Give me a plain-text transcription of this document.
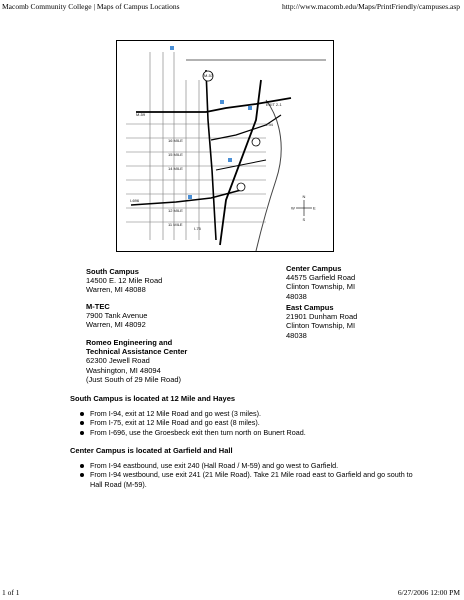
Macomb Community College | Maps of Campus Locations	http://www.macomb.edu/Maps/PrintFriendly/campuses.asp
M-53
M-59
EXIT 2-1
I-75
I-94
I-696
12 MILE
11 MILE
14 MILE
15 MILE
16 MILE
N
S
E
W
South Campus
14500 E. 12 Mile Road
Warren, MI 48088
M-TEC
7900 Tank Avenue
Warren, MI 48092
Romeo Engineering and
Technical Assistance Center
62300 Jewell Road
Washington, MI 48094
(Just South of 29 Mile Road)
Center Campus
44575 Garfield Road
Clinton Township, MI
48038
East Campus
21901 Dunham Road
Clinton Township, MI
48038
South Campus is located at 12 Mile and Hayes
From I-94, exit at 12 Mile Road and go west (3 miles).
From I-75, exit at 12 Mile Road and go east (8 miles).
From I-696, use the Groesbeck exit then turn north on Bunert Road.
Center Campus is located at Garfield and Hall
From I-94 eastbound, use exit 240 (Hall Road / M-59) and go west to Garfield.
From I-94 westbound, use exit 241 (21 Mile Road). Take 21 Mile road east to Garfield and go south to Hall Road (M-59).
1 of 1	6/27/2006 12:00 PM
